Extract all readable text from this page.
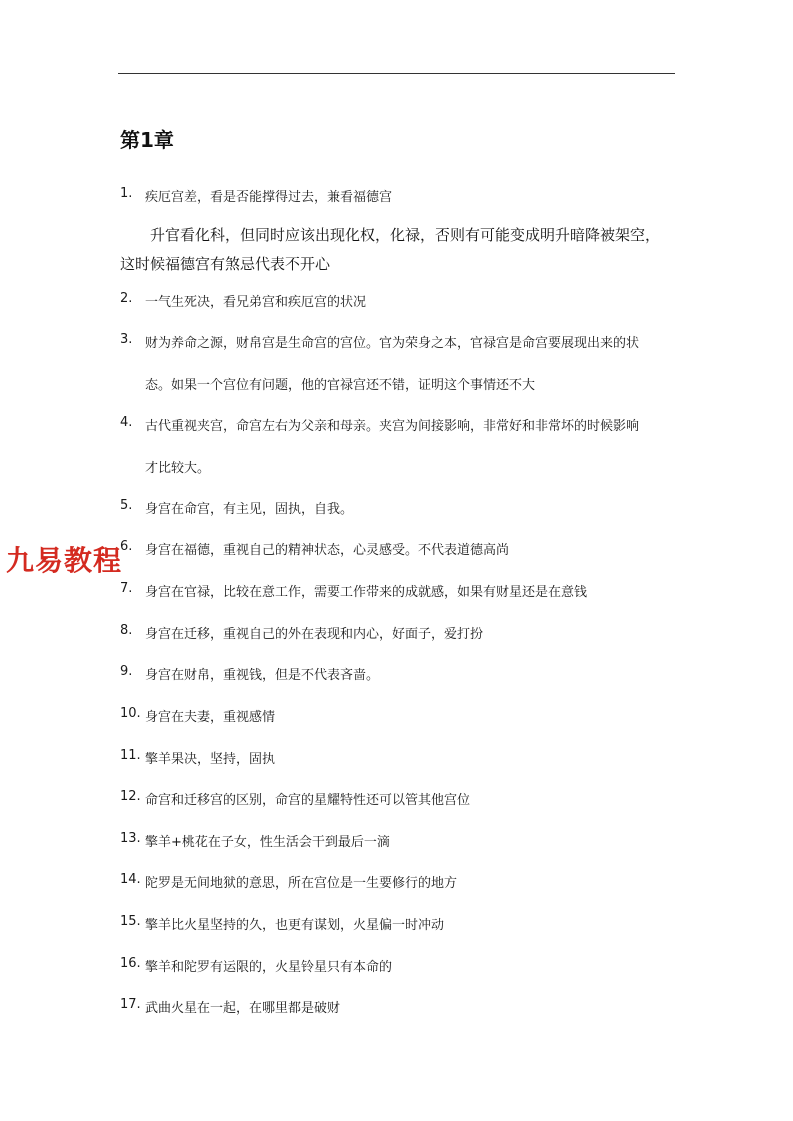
第1章
1. 疾厄宫差，看是否能撑得过去，兼看福德宫
升官看化科，但同时应该出现化权，化禄，否则有可能变成明升暗降被架空，
这时候福德宫有煞忌代表不开心
2. 一气生死决，看兄弟宫和疾厄宫的状况
3. 财为养命之源，财帛宫是生命宫的宫位。官为荣身之本，官禄宫是命宫要展现出来的状
态。如果一个宫位有问题，他的官禄宫还不错，证明这个事情还不大
4. 古代重视夹宫，命宫左右为父亲和母亲。夹宫为间接影响，非常好和非常坏的时候影响
才比较大。
5. 身宫在命宫，有主见，固执，自我。
6. 身宫在福德，重视自己的精神状态，心灵感受。不代表道德高尚
7. 身宫在官禄，比较在意工作，需要工作带来的成就感，如果有财星还是在意钱
8. 身宫在迁移，重视自己的外在表现和内心，好面子，爱打扮
9. 身宫在财帛，重视钱，但是不代表吝啬。
10. 身宫在夫妻，重视感情
11. 擎羊果决，坚持，固执
12. 命宫和迁移宫的区别，命宫的星耀特性还可以管其他宫位
13. 擎羊+桃花在子女，性生活会干到最后一滴
14. 陀罗是无间地狱的意思，所在宫位是一生要修行的地方
15. 擎羊比火星坚持的久，也更有谋划，火星偏一时冲动
16. 擎羊和陀罗有运限的，火星铃星只有本命的
17. 武曲火星在一起，在哪里都是破财
九易教程
